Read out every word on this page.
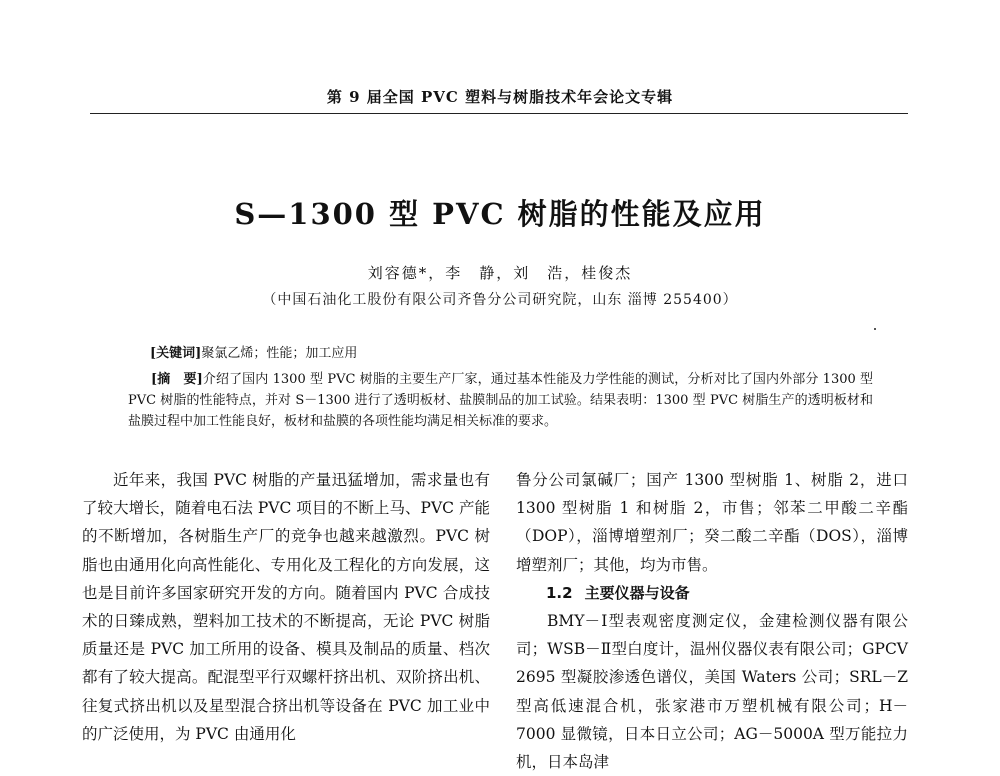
第 9 届全国 PVC 塑料与树脂技术年会论文专辑
S—1300 型 PVC 树脂的性能及应用
刘容德*，李　静，刘　浩，桂俊杰
（中国石油化工股份有限公司齐鲁分公司研究院，山东 淄博 255400）
[关键词]聚氯乙烯；性能；加工应用
[摘　要]介绍了国内 1300 型 PVC 树脂的主要生产厂家，通过基本性能及力学性能的测试，分析对比了国内外部分 1300 型 PVC 树脂的性能特点，并对 S－1300 进行了透明板材、盐膜制品的加工试验。结果表明：1300 型 PVC 树脂生产的透明板材和盐膜过程中加工性能良好，板材和盐膜的各项性能均满足相关标准的要求。

近年来，我国 PVC 树脂的产量迅猛增加，需求量也有了较大增长，随着电石法 PVC 项目的不断上马、PVC 产能的不断增加，各树脂生产厂的竞争也越来越激烈。PVC 树脂也由通用化向高性能化、专用化及工程化的方向发展，这也是目前许多国家研究开发的方向。随着国内 PVC 合成技术的日臻成熟，塑料加工技术的不断提高，无论 PVC 树脂质量还是 PVC 加工所用的设备、模具及制品的质量、档次都有了较大提高。配混型平行双螺杆挤出机、双阶挤出机、往复式挤出机以及星型混合挤出机等设备在 PVC 加工业中的广泛使用，为 PVC 由通用化

鲁分公司氯碱厂；国产 1300 型树脂 1、树脂 2，进口 1300 型树脂 1 和树脂 2，市售；邻苯二甲酸二辛酯（DOP），淄博增塑剂厂；癸二酸二辛酯（DOS），淄博增塑剂厂；其他，均为市售。

1.2 主要仪器与设备

BMY－Ⅰ型表观密度测定仪，金建检测仪器有限公司；WSB－Ⅱ型白度计，温州仪器仪表有限公司；GPCV 2695 型凝胶渗透色谱仪，美国 Waters 公司；SRL－Z 型高低速混合机，张家港市万塑机械有限公司；H－7000 显微镜，日本日立公司；AG－5000A 型万能拉力机，日本岛津
